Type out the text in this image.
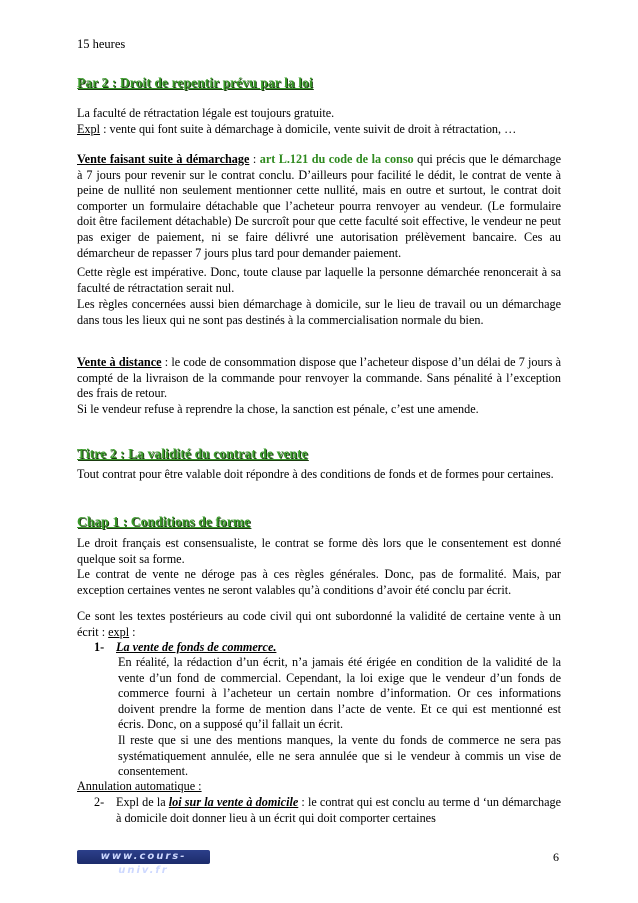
15 heures
Par 2 : Droit de repentir prévu par la loi
La faculté de rétractation légale est toujours gratuite.
Expl : vente qui font suite à démarchage à domicile, vente suivit de droit à rétractation, …
Vente faisant suite à démarchage : art L.121 du code de la conso qui précis que le démarchage à 7 jours pour revenir sur le contrat conclu. D’ailleurs pour facilité le dédit, le contrat de vente à peine de nullité non seulement mentionner cette nullité, mais en outre et surtout, le contrat doit comporter un formulaire détachable que l’acheteur pourra renvoyer au vendeur. (Le formulaire doit être facilement détachable) De surcroît pour que cette faculté soit effective, le vendeur ne peut pas exiger de paiement, ni se faire délivré une autorisation prélèvement bancaire. Ces au démarcheur de repasser 7 jours plus tard pour demander paiement.
Cette règle est impérative. Donc, toute clause par laquelle la personne démarchée renoncerait à sa faculté de rétractation serait nul.
Les règles concernées aussi bien démarchage à domicile, sur le lieu de travail ou un démarchage dans tous les lieux qui ne sont pas destinés à la commercialisation normale du bien.
Vente à distance : le code de consommation dispose que l’acheteur dispose d’un délai de 7 jours à compté de la livraison de la commande pour renvoyer la commande. Sans pénalité à l’exception des frais de retour.
Si le vendeur refuse à reprendre la chose, la sanction est pénale, c’est une amende.
Titre 2 : La validité du contrat de vente
Tout contrat pour être valable doit répondre à des conditions de fonds et de formes pour certaines.
Chap 1 : Conditions de forme
Le droit français est consensualiste, le contrat se forme dès lors que le consentement est donné quelque soit sa forme.
Le contrat de vente ne déroge pas à ces règles générales. Donc, pas de formalité. Mais, par exception certaines ventes ne seront valables qu’à conditions d’avoir été conclu par écrit.
Ce sont les textes postérieurs au code civil qui ont subordonné la validité de certaine vente à un écrit : expl :
1- La vente de fonds de commerce.
En réalité, la rédaction d’un écrit, n’a jamais été érigée en condition de la validité de la vente d’un fond de commercial. Cependant, la loi exige que le vendeur d’un fonds de commerce fourni à l’acheteur un certain nombre d’information. Or ces informations doivent prendre la forme de mention dans l’acte de vente. Et ce qui est mentionné est écris. Donc, on a supposé qu’il fallait un écrit.
Il reste que si une des mentions manques, la vente du fonds de commerce ne sera pas systématiquement annulée, elle ne sera annulée que si le vendeur à commis un vise de consentement.
Annulation automatique :
2- Expl de la loi sur la vente à domicile : le contrat qui est conclu au terme d ‘un démarchage à domicile doit donner lieu à un écrit qui doit comporter certaines
www.cours-univ.fr
6
